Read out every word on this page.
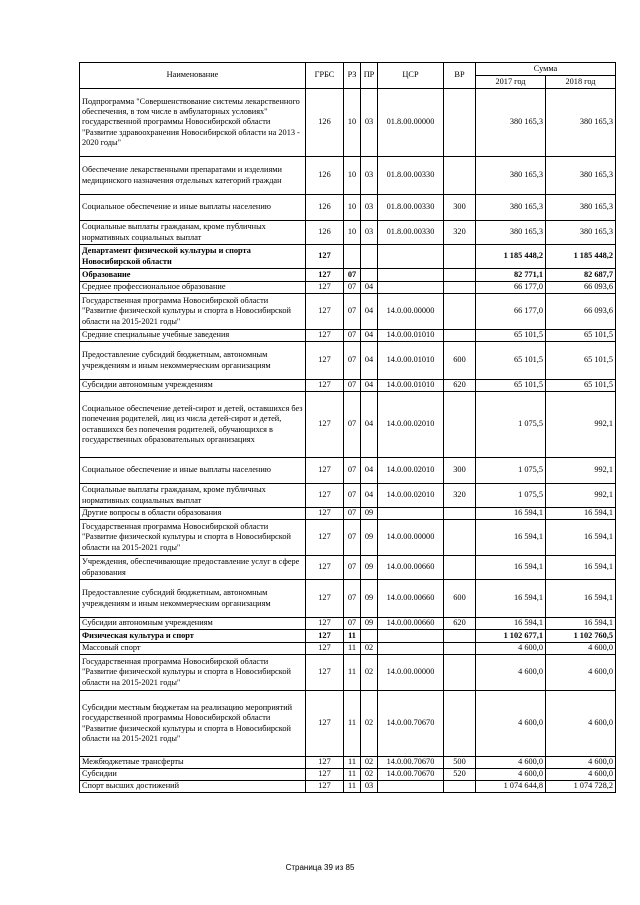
Наименование	ГРБС	РЗ	ПР	ЦСР	ВР	Сумма	
						2017 год	2018 год
Подпрограмма "Совершенствование системы лекарственного обеспечения, в том числе в амбулаторных условиях" государственной программы Новосибирской области "Развитие здравоохранения Новосибирской области на 2013 - 2020 годы"	126	10	03	01.8.00.00000		380 165,3	380 165,3
Обеспечение лекарственными препаратами и изделиями медицинского назначения отдельных категорий граждан	126	10	03	01.8.00.00330		380 165,3	380 165,3
Социальное обеспечение и иные выплаты населению	126	10	03	01.8.00.00330	300	380 165,3	380 165,3
Социальные выплаты гражданам, кроме публичных нормативных социальных выплат	126	10	03	01.8.00.00330	320	380 165,3	380 165,3
Департамент физической культуры и спорта Новосибирской области	127					1 185 448,2	1 185 448,2
Образование	127	07				82 771,1	82 687,7
Среднее профессиональное образование	127	07	04			66 177,0	66 093,6
Государственная программа Новосибирской области "Развитие физической культуры и спорта в Новосибирской области на 2015-2021 годы"	127	07	04	14.0.00.00000		66 177,0	66 093,6
Средние специальные учебные заведения	127	07	04	14.0.00.01010		65 101,5	65 101,5
Предоставление субсидий бюджетным, автономным учреждениям и иным некоммерческим организациям	127	07	04	14.0.00.01010	600	65 101,5	65 101,5
Субсидии автономным учреждениям	127	07	04	14.0.00.01010	620	65 101,5	65 101,5
Социальное обеспечение детей-сирот и детей, оставшихся без попечения родителей, лиц из числа детей-сирот и детей, оставшихся без попечения родителей, обучающихся в государственных образовательных организациях	127	07	04	14.0.00.02010		1 075,5	992,1
Социальное обеспечение и иные выплаты населению	127	07	04	14.0.00.02010	300	1 075,5	992,1
Социальные выплаты гражданам, кроме публичных нормативных социальных выплат	127	07	04	14.0.00.02010	320	1 075,5	992,1
Другие вопросы в области образования	127	07	09			16 594,1	16 594,1
Государственная программа Новосибирской области "Развитие физической культуры и спорта в Новосибирской области на 2015-2021 годы"	127	07	09	14.0.00.00000		16 594,1	16 594,1
Учреждения, обеспечивающие предоставление услуг в сфере образования	127	07	09	14.0.00.00660		16 594,1	16 594,1
Предоставление субсидий бюджетным, автономным учреждениям и иным некоммерческим организациям	127	07	09	14.0.00.00660	600	16 594,1	16 594,1
Субсидии автономным учреждениям	127	07	09	14.0.00.00660	620	16 594,1	16 594,1
Физическая культура и спорт	127	11				1 102 677,1	1 102 760,5
Массовый спорт	127	11	02			4 600,0	4 600,0
Государственная программа Новосибирской области "Развитие физической культуры и спорта в Новосибирской области на 2015-2021 годы"	127	11	02	14.0.00.00000		4 600,0	4 600,0
Субсидии местным бюджетам на реализацию мероприятий государственной программы Новосибирской области "Развитие физической культуры и спорта в Новосибирской области на 2015-2021 годы"	127	11	02	14.0.00.70670		4 600,0	4 600,0
Межбюджетные трансферты	127	11	02	14.0.00.70670	500	4 600,0	4 600,0
Субсидии	127	11	02	14.0.00.70670	520	4 600,0	4 600,0
Спорт высших достижений	127	11	03			1 074 644,8	1 074 728,2
Страница 39 из 85
